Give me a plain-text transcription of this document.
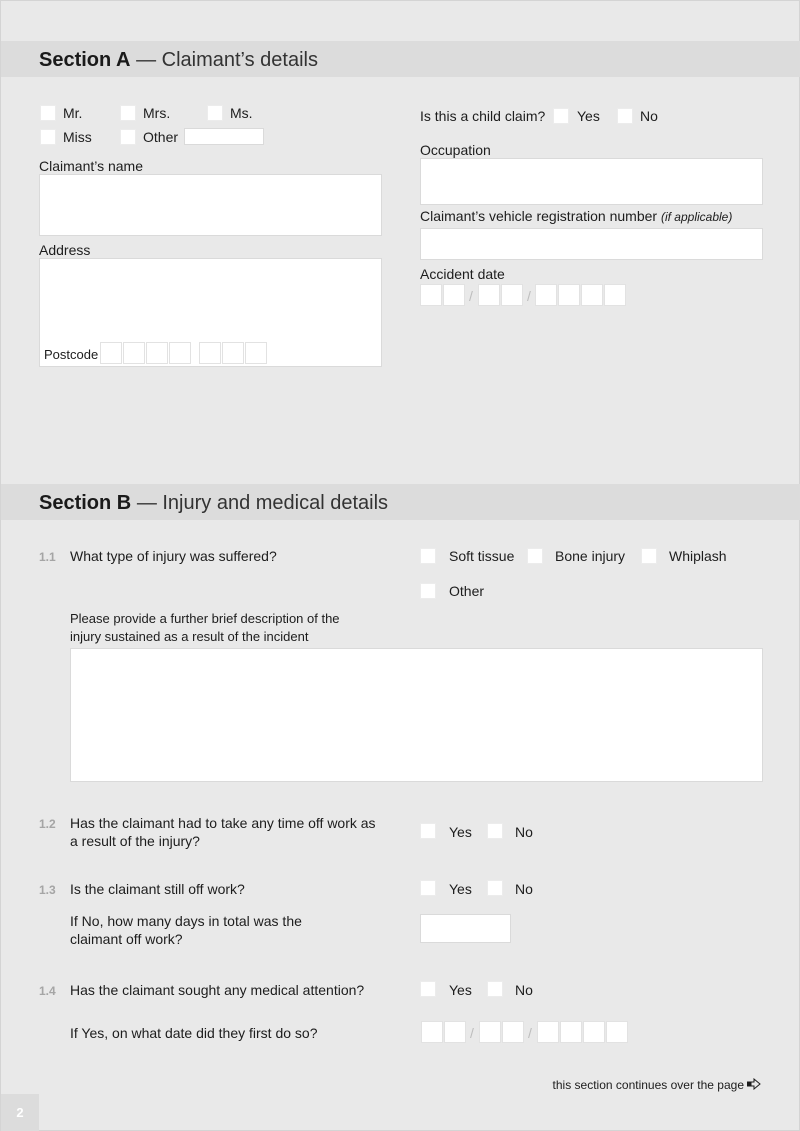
Section A — Claimant’s details
Mr.	Mrs.	Ms.
Miss	Other
Claimant’s name
Address
Postcode
Is this a child claim? Yes	No
Occupation
Claimant’s vehicle registration number (if applicable)
Accident date
/	/
Section B — Injury and medical details
1.1 What type of injury was suffered?	Soft tissue	Bone injury	Whiplash
Other
Please provide a further brief description of the
injury sustained as a result of the incident
1.2 Has the claimant had to take any time off work as
a result of the injury?
Yes	No
1.3 Is the claimant still off work?	Yes	No
If No, how many days in total was the
claimant off work?
1.4 Has the claimant sought any medical attention?	Yes	No
If Yes, on what date did they first do so?	/	/
this section continues over the page
2
